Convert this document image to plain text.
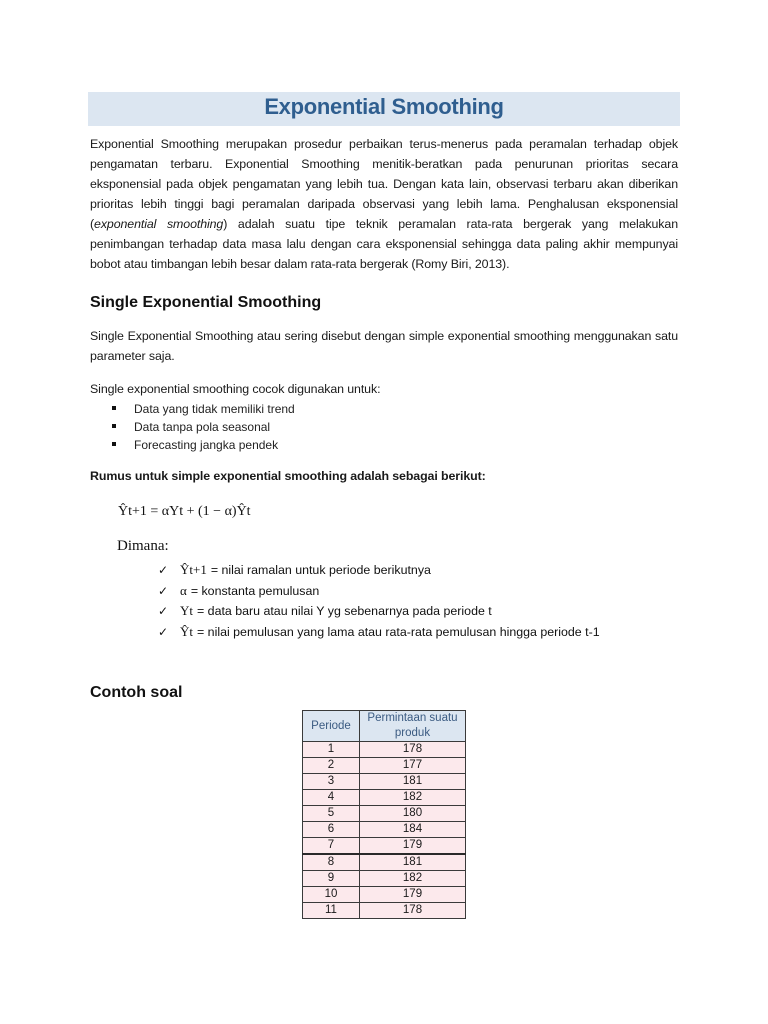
Exponential Smoothing

Exponential Smoothing merupakan prosedur perbaikan terus-menerus pada peramalan terhadap objek pengamatan terbaru. Exponential Smoothing menitik-beratkan pada penurunan prioritas secara eksponensial pada objek pengamatan yang lebih tua. Dengan kata lain, observasi terbaru akan diberikan prioritas lebih tinggi bagi peramalan daripada observasi yang lebih lama. Penghalusan eksponensial (exponential smoothing) adalah suatu tipe teknik peramalan rata-rata bergerak yang melakukan penimbangan terhadap data masa lalu dengan cara eksponensial sehingga data paling akhir mempunyai bobot atau timbangan lebih besar dalam rata-rata bergerak (Romy Biri, 2013).

Single Exponential Smoothing

Single Exponential Smoothing atau sering disebut dengan simple exponential smoothing menggunakan satu parameter saja.

Single exponential smoothing cocok digunakan untuk:

Data yang tidak memiliki trend
Data tanpa pola seasonal
Forecasting jangka pendek

Rumus untuk simple exponential smoothing adalah sebagai berikut:

Ŷt+1 = αYt + (1 − α)Ŷt
Dimana:
✓ Ŷt+1 = nilai ramalan untuk periode berikutnya
✓ α = konstanta pemulusan
✓ Yt = data baru atau nilai Y yg sebenarnya pada periode t
✓ Ŷt = nilai pemulusan yang lama atau rata-rata pemulusan hingga periode t-1
Contoh soal
Periode	Permintaan suatu produk
1	178
2	177
3	181
4	182
5	180
6	184
7	179
8	181
9	182
10	179
11	178
